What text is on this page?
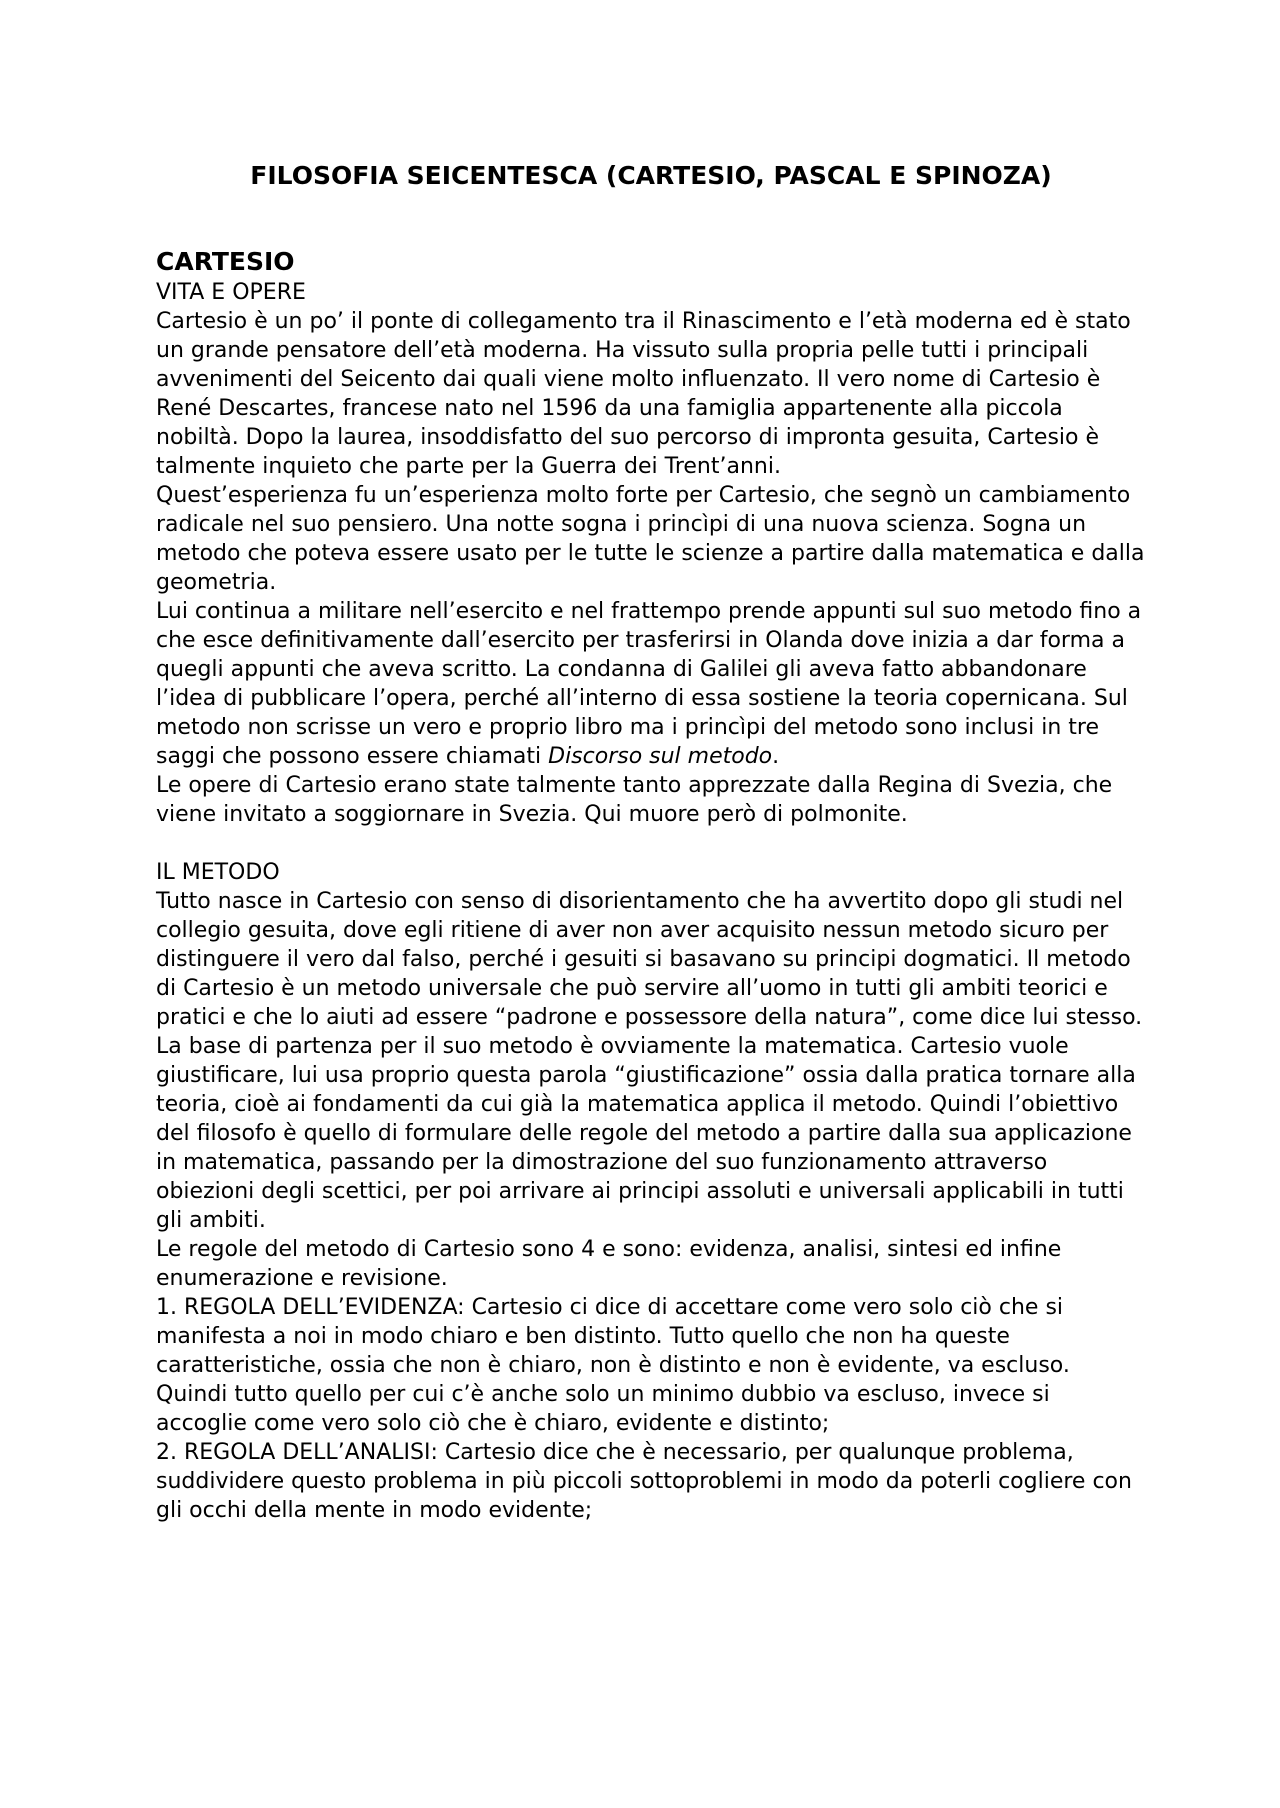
FILOSOFIA SEICENTESCA (CARTESIO, PASCAL E SPINOZA)
CARTESIO
VITA E OPERE

Cartesio è un po’ il ponte di collegamento tra il Rinascimento e l’età moderna ed è stato un grande pensatore dell’età moderna. Ha vissuto sulla propria pelle tutti i principali avvenimenti del Seicento dai quali viene molto influenzato. Il vero nome di Cartesio è René Descartes, francese nato nel 1596 da una famiglia appartenente alla piccola nobiltà. Dopo la laurea, insoddisfatto del suo percorso di impronta gesuita, Cartesio è talmente inquieto che parte per la Guerra dei Trent’anni.

Quest’esperienza fu un’esperienza molto forte per Cartesio, che segnò un cambiamento radicale nel suo pensiero. Una notte sogna i princìpi di una nuova scienza. Sogna un metodo che poteva essere usato per le tutte le scienze a partire dalla matematica e dalla geometria.

Lui continua a militare nell’esercito e nel frattempo prende appunti sul suo metodo fino a che esce definitivamente dall’esercito per trasferirsi in Olanda dove inizia a dar forma a quegli appunti che aveva scritto. La condanna di Galilei gli aveva fatto abbandonare l’idea di pubblicare l’opera, perché all’interno di essa sostiene la teoria copernicana. Sul metodo non scrisse un vero e proprio libro ma i princìpi del metodo sono inclusi in tre saggi che possono essere chiamati Discorso sul metodo.

Le opere di Cartesio erano state talmente tanto apprezzate dalla Regina di Svezia, che viene invitato a soggiornare in Svezia. Qui muore però di polmonite.

IL METODO

Tutto nasce in Cartesio con senso di disorientamento che ha avvertito dopo gli studi nel collegio gesuita, dove egli ritiene di aver non aver acquisito nessun metodo sicuro per distinguere il vero dal falso, perché i gesuiti si basavano su principi dogmatici. Il metodo di Cartesio è un metodo universale che può servire all’uomo in tutti gli ambiti teorici e pratici e che lo aiuti ad essere “padrone e possessore della natura”, come dice lui stesso. La base di partenza per il suo metodo è ovviamente la matematica. Cartesio vuole giustificare, lui usa proprio questa parola “giustificazione” ossia dalla pratica tornare alla teoria, cioè ai fondamenti da cui già la matematica applica il metodo. Quindi l’obiettivo del filosofo è quello di formulare delle regole del metodo a partire dalla sua applicazione in matematica, passando per la dimostrazione del suo funzionamento attraverso obiezioni degli scettici, per poi arrivare ai principi assoluti e universali applicabili in tutti gli ambiti.

Le regole del metodo di Cartesio sono 4 e sono: evidenza, analisi, sintesi ed infine enumerazione e revisione.

1. REGOLA DELL’EVIDENZA: Cartesio ci dice di accettare come vero solo ciò che si manifesta a noi in modo chiaro e ben distinto. Tutto quello che non ha queste caratteristiche, ossia che non è chiaro, non è distinto e non è evidente, va escluso. Quindi tutto quello per cui c’è anche solo un minimo dubbio va escluso, invece si accoglie come vero solo ciò che è chiaro, evidente e distinto;

2. REGOLA DELL’ANALISI: Cartesio dice che è necessario, per qualunque problema, suddividere questo problema in più piccoli sottoproblemi in modo da poterli cogliere con gli occhi della mente in modo evidente;
